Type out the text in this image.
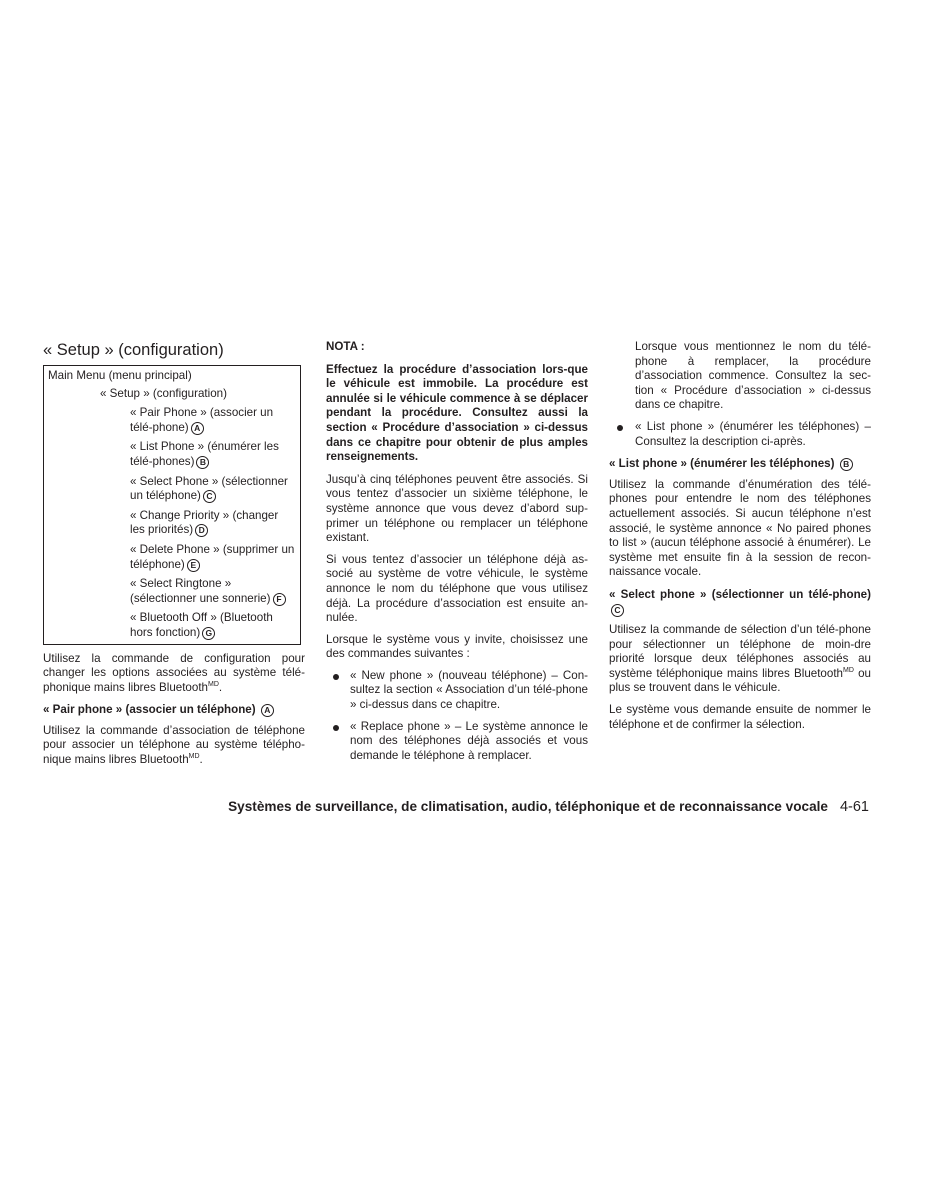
« Setup » (configuration)
Main Menu (menu principal)
« Setup » (configuration)
« Pair Phone » (associer un télé-phone) A
« List Phone » (énumérer les télé-phones) B
« Select Phone » (sélectionner un téléphone) C
« Change Priority » (changer les priorités) D
« Delete Phone » (supprimer un téléphone) E
« Select Ringtone » (sélectionner une sonnerie) F
« Bluetooth Off » (Bluetooth hors fonction) G

Utilisez la commande de configuration pour changer les options associées au système télé-phonique mains libres Bluetooth$^{MD}$.

« Pair phone » (associer un téléphone) A

Utilisez la commande d’association de téléphone pour associer un téléphone au système télépho-nique mains libres Bluetooth$^{MD}$.

NOTA :

Effectuez la procédure d’association lors-que le véhicule est immobile. La procédure est annulée si le véhicule commence à se déplacer pendant la procédure. Consultez aussi la section « Procédure d’association » ci-dessus dans ce chapitre pour obtenir de plus amples renseignements.

Jusqu’à cinq téléphones peuvent être associés. Si vous tentez d’associer un sixième téléphone, le système annonce que vous devez d’abord sup-primer un téléphone ou remplacer un téléphone existant.

Si vous tentez d’associer un téléphone déjà as-socié au système de votre véhicule, le système annonce le nom du téléphone que vous utilisez déjà. La procédure d’association est ensuite an-nulée.

Lorsque le système vous y invite, choisissez une des commandes suivantes :

« New phone » (nouveau téléphone) – Con-sultez la section « Association d’un télé-phone » ci-dessus dans ce chapitre.
« Replace phone » – Le système annonce le nom des téléphones déjà associés et vous demande le téléphone à remplacer.

Lorsque vous mentionnez le nom du télé-phone à remplacer, la procédure d’association commence. Consultez la sec-tion « Procédure d’association » ci-dessus dans ce chapitre.

« List phone » (énumérer les téléphones) – Consultez la description ci-après.
« List phone » (énumérer les téléphones) B

Utilisez la commande d’énumération des télé-phones pour entendre le nom des téléphones actuellement associés. Si aucun téléphone n’est associé, le système annonce « No paired phones to list » (aucun téléphone associé à énumérer). Le système met ensuite fin à la session de recon-naissance vocale.

« Select phone » (sélectionner un télé-phone) C

Utilisez la commande de sélection d’un télé-phone pour sélectionner un téléphone de moin-dre priorité lorsque deux téléphones associés au système téléphonique mains libres Bluetooth$^{MD}$ ou plus se trouvent dans le véhicule.

Le système vous demande ensuite de nommer le téléphone et de confirmer la sélection.

Systèmes de surveillance, de climatisation, audio, téléphonique et de reconnaissance vocale 4-61
